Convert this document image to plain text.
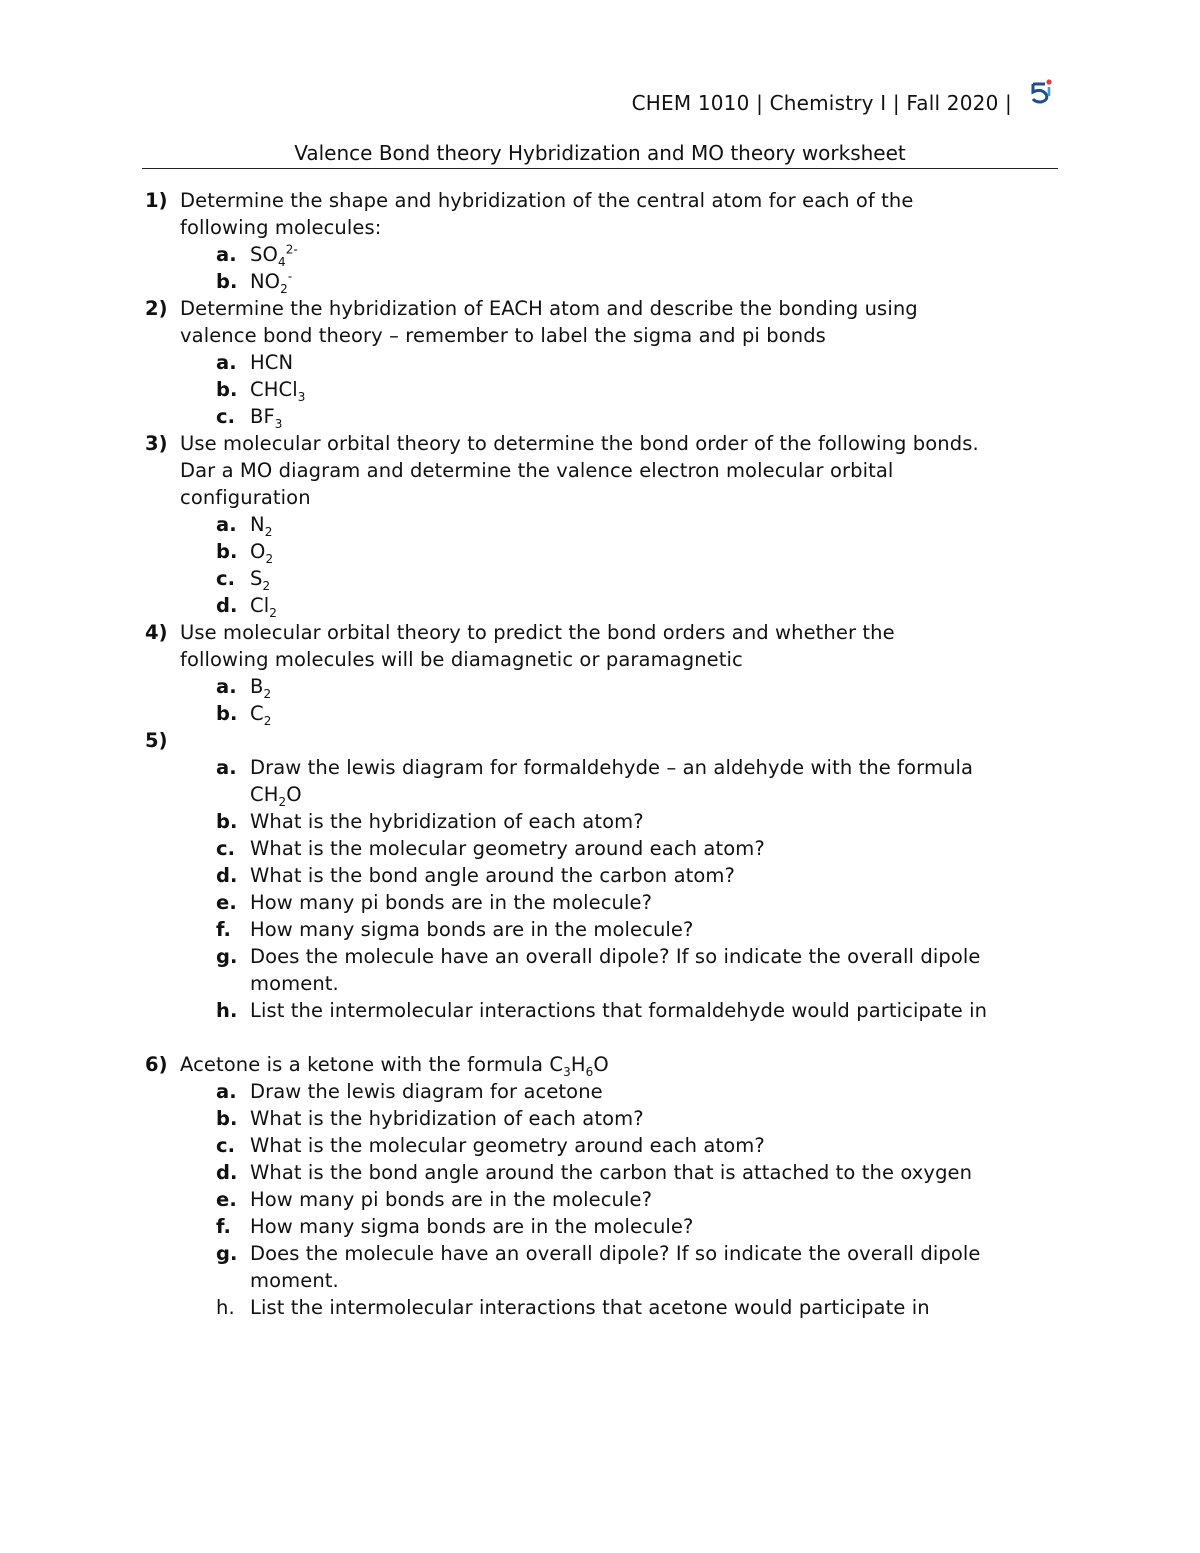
CHEM 1010 | Chemistry I | Fall 2020 |
Valence Bond theory Hybridization and MO theory worksheet
1) Determine the shape and hybridization of the central atom for each of the
following molecules:
a. $SO_4^{2-}$
b. $NO_2^-$
2) Determine the hybridization of EACH atom and describe the bonding using
valence bond theory – remember to label the sigma and pi bonds
a. HCN
b. CHCl$_3$
c. $BF_3$
3) Use molecular orbital theory to determine the bond order of the following bonds.
Dar a MO diagram and determine the valence electron molecular orbital
configuration
a. $N_2$
b. $O_2$
c. $S_2$
d. $Cl_2$
4) Use molecular orbital theory to predict the bond orders and whether the
following molecules will be diamagnetic or paramagnetic
a. $B_2$
b. $C_2$
5)
a. Draw the lewis diagram for formaldehyde – an aldehyde with the formula
$CH_2O$
b. What is the hybridization of each atom?
c. What is the molecular geometry around each atom?
d. What is the bond angle around the carbon atom?
e. How many pi bonds are in the molecule?
f. How many sigma bonds are in the molecule?
g. Does the molecule have an overall dipole? If so indicate the overall dipole
moment.
h. List the intermolecular interactions that formaldehyde would participate in
6) Acetone is a ketone with the formula $C_3H_6O$
a. Draw the lewis diagram for acetone
b. What is the hybridization of each atom?
c. What is the molecular geometry around each atom?
d. What is the bond angle around the carbon that is attached to the oxygen
e. How many pi bonds are in the molecule?
f. How many sigma bonds are in the molecule?
g. Does the molecule have an overall dipole? If so indicate the overall dipole
moment.
h. List the intermolecular interactions that acetone would participate in
